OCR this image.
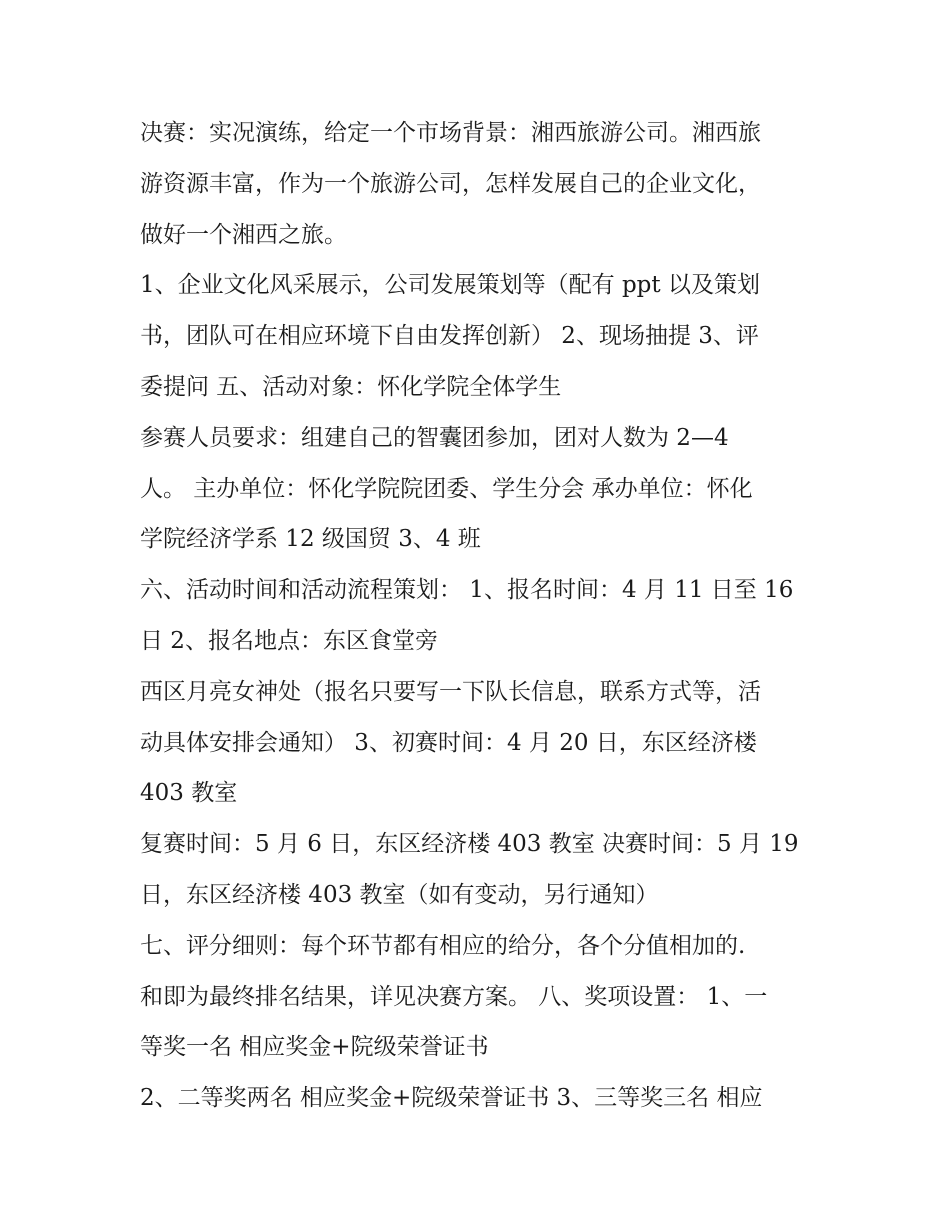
决赛：实况演练，给定一个市场背景：湘西旅游公司。湘西旅
游资源丰富，作为一个旅游公司，怎样发展自己的企业文化，
做好一个湘西之旅。
1、企业文化风采展示，公司发展策划等（配有 ppt 以及策划
书，团队可在相应环境下自由发挥创新） 2、现场抽提 3、评
委提问 五、活动对象：怀化学院全体学生
参赛人员要求：组建自己的智囊团参加，团对人数为 2—4
人。 主办单位：怀化学院院团委、学生分会 承办单位：怀化
学院经济学系 12 级国贸 3、4 班
六、活动时间和活动流程策划： 1、报名时间：4 月 11 日至 16
日 2、报名地点：东区食堂旁
西区月亮女神处（报名只要写一下队长信息，联系方式等，活
动具体安排会通知） 3、初赛时间：4 月 20 日，东区经济楼
403 教室
复赛时间：5 月 6 日，东区经济楼 403 教室 决赛时间：5 月 19
日，东区经济楼 403 教室（如有变动，另行通知）
七、评分细则：每个环节都有相应的给分，各个分值相加的.
和即为最终排名结果，详见决赛方案。 八、奖项设置： 1、一
等奖一名 相应奖金+院级荣誉证书
2、二等奖两名 相应奖金+院级荣誉证书 3、三等奖三名 相应
